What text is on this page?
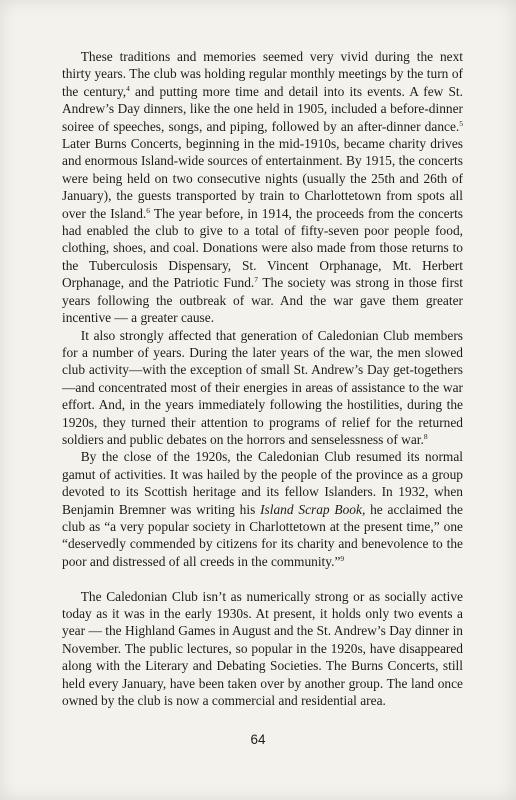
These traditions and memories seemed very vivid during the next thirty years. The club was holding regular monthly meetings by the turn of the century,$^4$ and putting more time and detail into its events. A few St. Andrew’s Day dinners, like the one held in 1905, included a before-dinner soiree of speeches, songs, and piping, followed by an after-dinner dance.$^5$ Later Burns Concerts, beginning in the mid-1910s, became charity drives and enormous Island-wide sources of entertainment. By 1915, the concerts were being held on two consecutive nights (usually the 25th and 26th of January), the guests transported by train to Charlottetown from spots all over the Island.$^6$ The year before, in 1914, the proceeds from the concerts had enabled the club to give to a total of fifty-seven poor people food, clothing, shoes, and coal. Donations were also made from those returns to the Tuberculosis Dispensary, St. Vincent Orphanage, Mt. Herbert Orphanage, and the Patriotic Fund.$^7$ The society was strong in those first years following the outbreak of war. And the war gave them greater incentive — a greater cause.

It also strongly affected that generation of Caledonian Club members for a number of years. During the later years of the war, the men slowed club activity—with the exception of small St. Andrew’s Day get-togethers—and concentrated most of their energies in areas of assistance to the war effort. And, in the years immediately following the hostilities, during the 1920s, they turned their attention to programs of relief for the returned soldiers and public debates on the horrors and senselessness of war.$^8$

By the close of the 1920s, the Caledonian Club resumed its normal gamut of activities. It was hailed by the people of the province as a group devoted to its Scottish heritage and its fellow Islanders. In 1932, when Benjamin Bremner was writing his Island Scrap Book, he acclaimed the club as “a very popular society in Charlottetown at the present time,” one “deservedly commended by citizens for its charity and benevolence to the poor and distressed of all creeds in the community.”$^9$

The Caledonian Club isn’t as numerically strong or as socially active today as it was in the early 1930s. At present, it holds only two events a year — the Highland Games in August and the St. Andrew’s Day dinner in November. The public lectures, so popular in the 1920s, have disappeared along with the Literary and Debating Societies. The Burns Concerts, still held every January, have been taken over by another group. The land once owned by the club is now a commercial and residential area.

64
